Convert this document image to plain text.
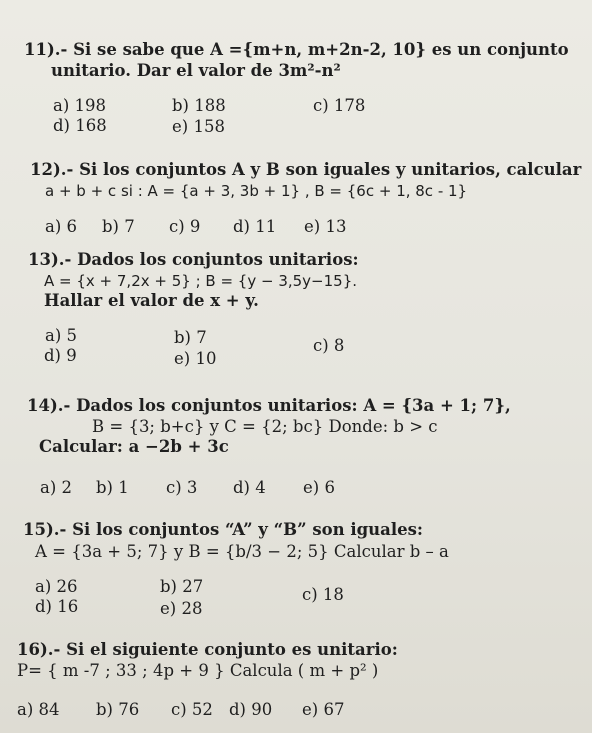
11).- Si se sabe que A ={m+n, m+2n-2, 10} es un conjunto
unitario. Dar el valor de 3m²-n²
a) 198	b) 188	c) 178
d) 168	e) 158
12).- Si los conjuntos A y B son iguales y unitarios, calcular
a + b + c si : A = {a + 3, 3b + 1} , B = {6c + 1, 8c - 1}
a) 6 b) 7 c) 9 d) 11 e) 13
13).- Dados los conjuntos unitarios:
A = {x + 7,2x + 5} ; B = {y − 3,5y−15}.
Hallar el valor de x + y.
a) 5	b) 7	c) 8
d) 9	e) 10
14).- Dados los conjuntos unitarios: A = {3a + 1; 7},
B = {3; b+c} y C = {2; bc} Donde: b > c
Calcular: a −2b + 3c
a) 2 b) 1 c) 3 d) 4 e) 6
15).- Si los conjuntos “A” y “B” son iguales:
A = {3a + 5; 7} y B = {b/3 − 2; 5} Calcular b – a
a) 26	b) 27	c) 18
d) 16	e) 28
16).- Si el siguiente conjunto es unitario:
P= { m -7 ; 33 ; 4p + 9 } Calcula ( m + p² )
a) 84 b) 76 c) 52 d) 90 e) 67
